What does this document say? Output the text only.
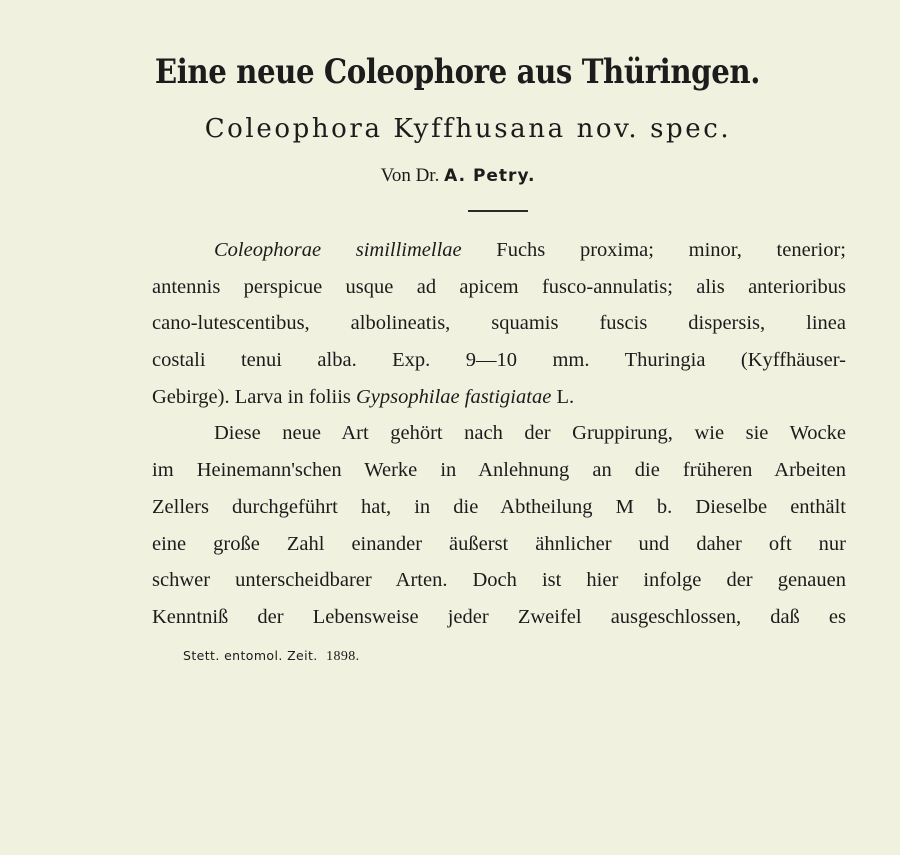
Eine neue Coleophore aus Thüringen.
Coleophora Kyffhusana nov. spec.
Von Dr. A. Petry.
Coleophorae simillimellae Fuchs proxima; minor, tenerior;
antennis perspicue usque ad apicem fusco-annulatis; alis anterioribus
cano-lutescentibus, albolineatis, squamis fuscis dispersis, linea
costali tenui alba. Exp. 9—10 mm. Thuringia (Kyffhäuser-
Gebirge). Larva in foliis Gypsophilae fastigiatae L.
Diese neue Art gehört nach der Gruppirung, wie sie Wocke
im Heinemann'schen Werke in Anlehnung an die früheren Arbeiten
Zellers durchgeführt hat, in die Abtheilung M b. Dieselbe enthält
eine große Zahl einander äußerst ähnlicher und daher oft nur
schwer unterscheidbarer Arten. Doch ist hier infolge der genauen
Kenntniß der Lebensweise jeder Zweifel ausgeschlossen, daß es
Stett. entomol. Zeit. 1898.
